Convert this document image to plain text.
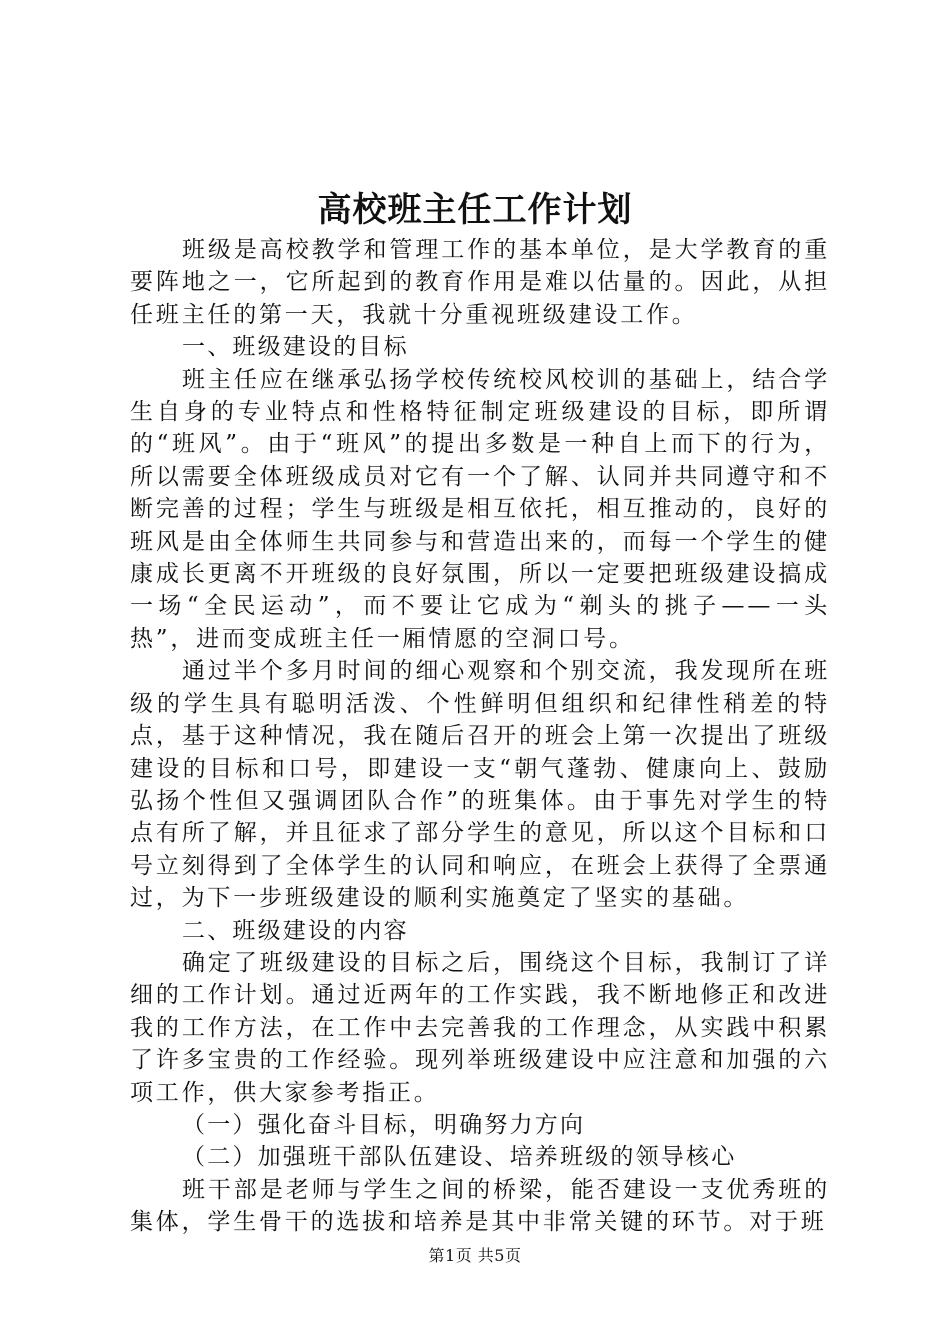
高校班主任工作计划

班级是高校教学和管理工作的基本单位，是大学教育的重要阵地之一，它所起到的教育作用是难以估量的。因此，从担任班主任的第一天，我就十分重视班级建设工作。

一、班级建设的目标

班主任应在继承弘扬学校传统校风校训的基础上，结合学生自身的专业特点和性格特征制定班级建设的目标，即所谓的“班风”。由于“班风”的提出多数是一种自上而下的行为，所以需要全体班级成员对它有一个了解、认同并共同遵守和不断完善的过程；学生与班级是相互依托，相互推动的，良好的班风是由全体师生共同参与和营造出来的，而每一个学生的健康成长更离不开班级的良好氛围，所以一定要把班级建设搞成一场“全民运动”，而不要让它成为“剃头的挑子——一头热”，进而变成班主任一厢情愿的空洞口号。

通过半个多月时间的细心观察和个别交流，我发现所在班级的学生具有聪明活泼、个性鲜明但组织和纪律性稍差的特点，基于这种情况，我在随后召开的班会上第一次提出了班级建设的目标和口号，即建设一支“朝气蓬勃、健康向上、鼓励弘扬个性但又强调团队合作”的班集体。由于事先对学生的特点有所了解，并且征求了部分学生的意见，所以这个目标和口号立刻得到了全体学生的认同和响应，在班会上获得了全票通过，为下一步班级建设的顺利实施奠定了坚实的基础。

二、班级建设的内容

确定了班级建设的目标之后，围绕这个目标，我制订了详细的工作计划。通过近两年的工作实践，我不断地修正和改进我的工作方法，在工作中去完善我的工作理念，从实践中积累了许多宝贵的工作经验。现列举班级建设中应注意和加强的六项工作，供大家参考指正。

（一）强化奋斗目标，明确努力方向

（二）加强班干部队伍建设、培养班级的领导核心

班干部是老师与学生之间的桥梁，能否建设一支优秀班的集体，学生骨干的选拔和培养是其中非常关键的环节。对于班

第1页 共5页
